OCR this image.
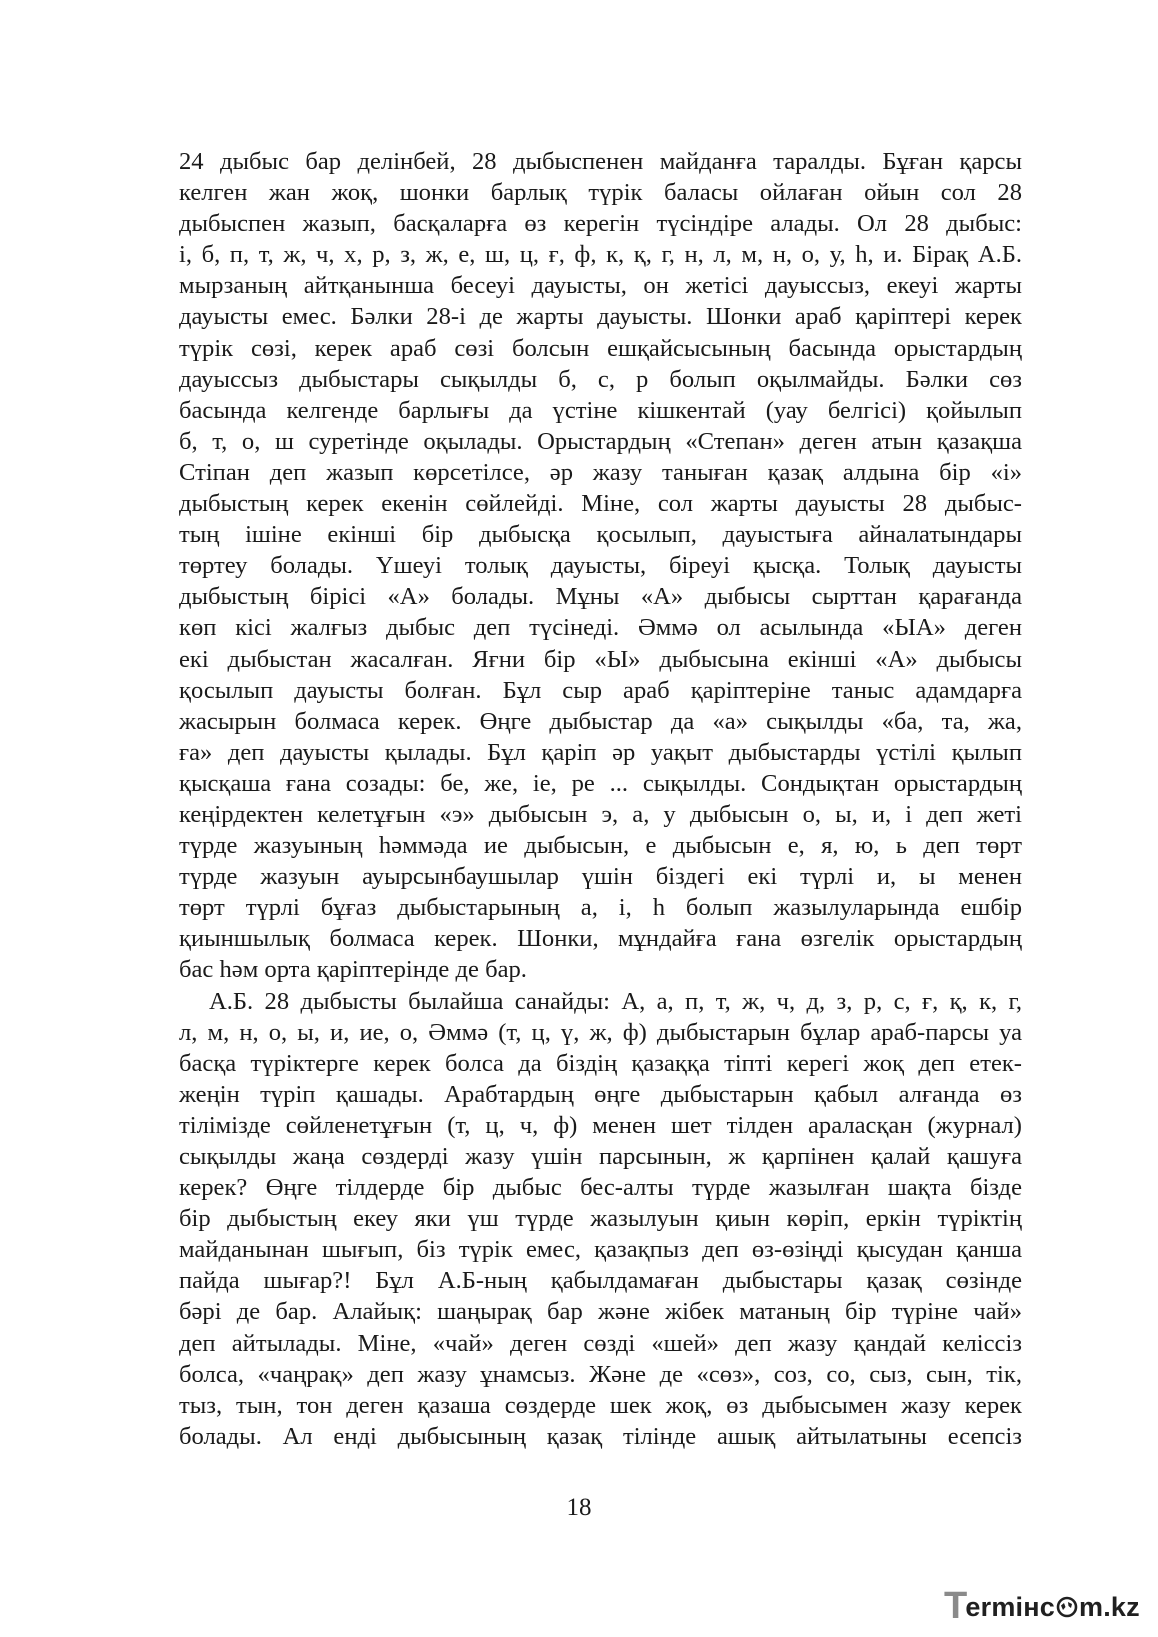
24 дыбыс бар делінбей, 28 дыбыспенен майданға таралды. Бұған қарсы
келген жан жоқ, шонки барлық түрік баласы ойлаған ойын сол 28
дыбыспен жазып, басқаларға өз керегін түсіндіре алады. Ол 28 дыбыс:
і, б, п, т, ж, ч, х, р, з, ж, е, ш, ц, ғ, ф, к, қ, г, н, л, м, н, о, у, һ, и. Бірақ А.Б.
мырзаның айтқанынша бесеуі дауысты, он жетісі дауыссыз, екеуі жарты
дауысты емес. Бәлки 28-і де жарты дауысты. Шонки араб қаріптері керек
түрік сөзі, керек араб сөзі болсын ешқайсысының басында орыстардың
дауыссыз дыбыстары сықылды б, с, р болып оқылмайды. Бәлки сөз
басында келгенде барлығы да үстіне кішкентай (уау белгісі) қойылып
б, т, о, ш суретінде оқылады. Орыстардың «Степан» деген атын қазақша
Стіпан деп жазып көрсетілсе, әр жазу таныған қазақ алдына бір «і»
дыбыстың керек екенін сөйлейді. Міне, сол жарты дауысты 28 дыбыс-
тың ішіне екінші бір дыбысқа қосылып, дауыстыға айналатындары
төртеу болады. Үшеуі толық дауысты, біреуі қысқа. Толық дауысты
дыбыстың бірісі «А» болады. Мұны «А» дыбысы сырттан қарағанда
көп кісі жалғыз дыбыс деп түсінеді. Әммә ол асылында «ЫА» деген
екі дыбыстан жасалған. Яғни бір «Ы» дыбысына екінші «А» дыбысы
қосылып дауысты болған. Бұл сыр араб қаріптеріне таныс адамдарға
жасырын болмаса керек. Өңге дыбыстар да «а» сықылды «ба, та, жа,
ға» деп дауысты қылады. Бұл қаріп әр уақыт дыбыстарды үстілі қылып
қысқаша ғана созады: бе, же, іе, ре ... сықылды. Сондықтан орыстардың
кеңірдектен келетұғын «э» дыбысын э, а, у дыбысын о, ы, и, і деп жеті
түрде жазуының һәммәда ие дыбысын, е дыбысын е, я, ю, ь деп төрт
түрде жазуын ауырсынбаушылар үшін біздегі екі түрлі и, ы менен
төрт түрлі бұғаз дыбыстарының а, і, һ болып жазылуларында ешбір
қиыншылық болмаса керек. Шонки, мұндайға ғана өзгелік орыстардың
бас һәм орта қаріптерінде де бар.
А.Б. 28 дыбысты былайша санайды: А, а, п, т, ж, ч, д, з, р, с, ғ, қ, к, г,
л, м, н, о, ы, и, ие, о, Әммә (т, ц, ү, ж, ф) дыбыстарын бұлар араб-парсы уа
басқа түріктерге керек болса да біздің қазаққа тіпті керегі жоқ деп етек-
жеңін түріп қашады. Арабтардың өңге дыбыстарын қабыл алғанда өз
тілімізде сөйленетұғын (т, ц, ч, ф) менен шет тілден араласқан (журнал)
сықылды жаңа сөздерді жазу үшін парсынын, ж қарпінен қалай қашуға
керек? Өңге тілдерде бір дыбыс бес-алты түрде жазылған шақта бізде
бір дыбыстың екеу яки үш түрде жазылуын қиын көріп, еркін түріктің
майданынан шығып, біз түрік емес, қазақпыз деп өз-өзіңді қысудан қанша
пайда шығар?! Бұл А.Б-ның қабылдамаған дыбыстары қазақ сөзінде
бәрі де бар. Алайық: шаңырақ бар және жібек матаның бір түріне чай»
деп айтылады. Міне, «чай» деген сөзді «шей» деп жазу қандай келіссіз
болса, «чаңрақ» деп жазу ұнамсыз. Және де «сөз», соз, со, сыз, сын, тік,
тыз, тын, тон деген қазаша сөздерде шек жоқ, өз дыбысымен жазу керек
болады. Ал енді дыбысының қазақ тілінде ашық айтылатыны есепсіз
18
T
ermінc m.kz
